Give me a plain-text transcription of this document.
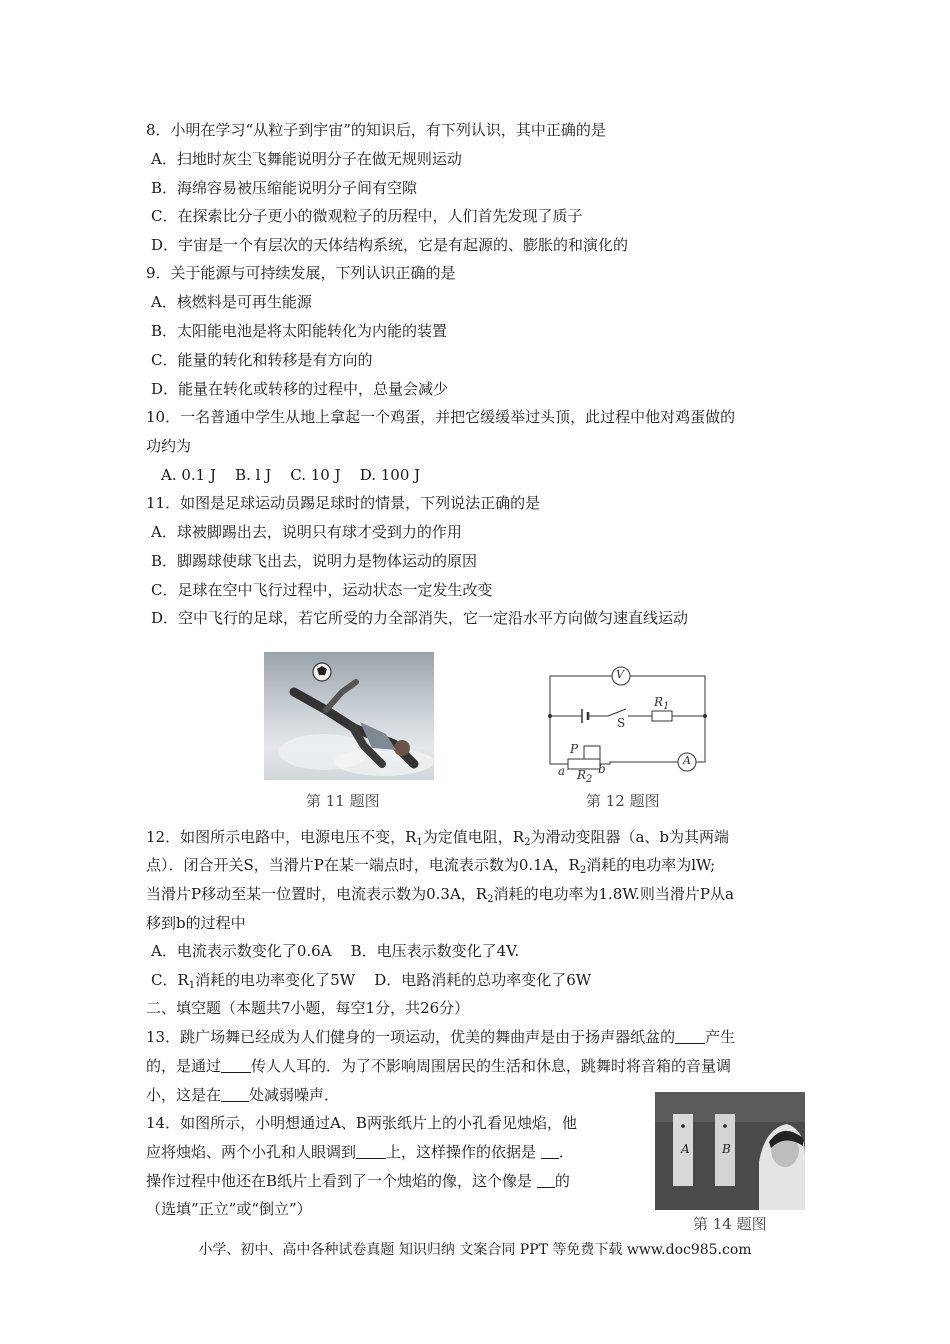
8．小明在学习“从粒子到宇宙”的知识后，有下列认识，其中正确的是
A．扫地时灰尘飞舞能说明分子在做无规则运动
B．海绵容易被压缩能说明分子间有空隙
C．在探索比分子更小的微观粒子的历程中，人们首先发现了质子
D．宇宙是一个有层次的天体结构系统，它是有起源的、膨胀的和演化的
9．关于能源与可持续发展，下列认识正确的是
A．核燃料是可再生能源
B．太阳能电池是将太阳能转化为内能的装置
C．能量的转化和转移是有方向的
D．能量在转化或转移的过程中，总量会减少
10．一名普通中学生从地上拿起一个鸡蛋，并把它缓缓举过头顶，此过程中他对鸡蛋做的
功约为
A. 0.1 J    B. l J    C. 10 J    D. 100 J
11．如图是足球运动员踢足球时的情景，下列说法正确的是
A．球被脚踢出去，说明只有球才受到力的作用
B．脚踢球使球飞出去，说明力是物体运动的原因
C．足球在空中飞行过程中，运动状态一定发生改变
D．空中飞行的足球，若它所受的力全部消失，它一定沿水平方向做匀速直线运动
第 11 题图
V
A
$R_1$
S
P
$R_2$
a	b
第 12 题图
12．如图所示电路中，电源电压不变，$R_1$为定值电阻，$R_2$为滑动变阻器（a、b为其两端
点）．闭合开关S，当滑片P在某一端点时，电流表示数为0.1A，$R_2$消耗的电功率为lW;
当滑片P移动至某一位置时，电流表示数为0.3A，$R_2$消耗的电功率为1.8W.则当滑片P从a
移到b的过程中
A．电流表示数变化了0.6A    B．电压表示数变化了4V.
C．$R_1$消耗的电功率变化了5W    D．电路消耗的总功率变化了6W
二、填空题（本题共7小题，每空1分，共26分）
13．跳广场舞已经成为人们健身的一项运动，优美的舞曲声是由于扬声器纸盆的 产生
的，是通过 传人人耳的．为了不影响周围居民的生活和休息，跳舞时将音箱的音量调
小，这是在 处减弱噪声．
14．如图所示，小明想通过A、B两张纸片上的小孔看见烛焰，他
应将烛焰、两个小孔和人眼调到 上，这样操作的依据是 ．
操作过程中他还在B纸片上看到了一个烛焰的像，这个像是 的
（选填”正立”或“倒立”）
A	B
第 14 题图
小学、初中、高中各种试卷真题 知识归纳 文案合同 PPT 等免费下载 www.doc985.com
